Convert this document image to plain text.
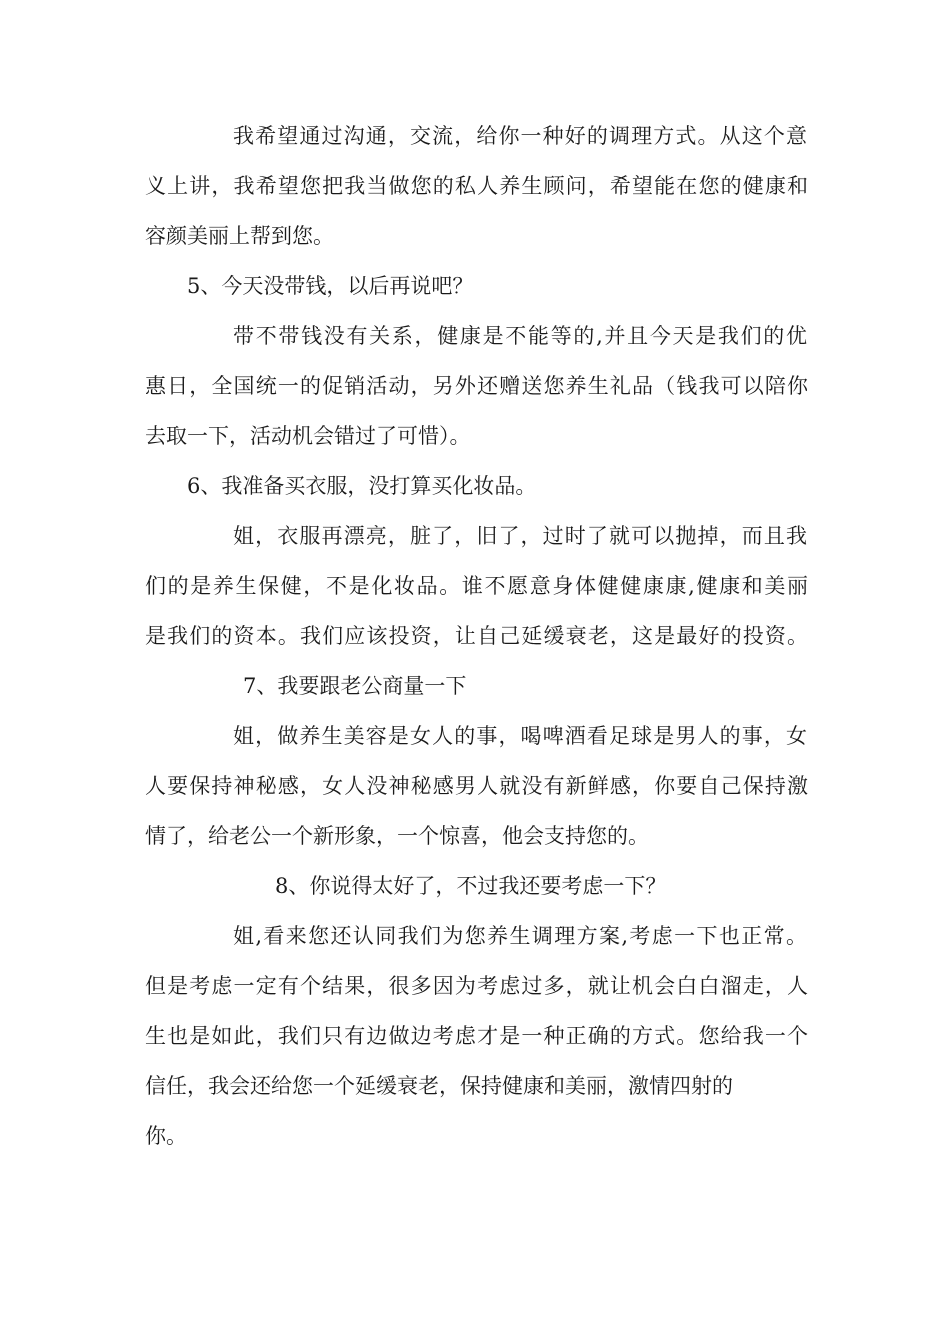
我希望通过沟通，交流，给你一种好的调理方式。从这个意
义上讲，我希望您把我当做您的私人养生顾问，希望能在您的健康和
容颜美丽上帮到您。
5、今天没带钱，以后再说吧？
带不带钱没有关系，健康是不能等的,并且今天是我们的优
惠日，全国统一的促销活动，另外还赠送您养生礼品（钱我可以陪你
去取一下，活动机会错过了可惜）。
6、我准备买衣服，没打算买化妆品。
姐，衣服再漂亮，脏了，旧了，过时了就可以抛掉，而且我
们的是养生保健，不是化妆品。谁不愿意身体健健康康,健康和美丽
是我们的资本。我们应该投资，让自己延缓衰老，这是最好的投资。
7、我要跟老公商量一下
姐，做养生美容是女人的事，喝啤酒看足球是男人的事，女
人要保持神秘感，女人没神秘感男人就没有新鲜感，你要自己保持激
情了，给老公一个新形象，一个惊喜，他会支持您的。
8、你说得太好了，不过我还要考虑一下？
姐,看来您还认同我们为您养生调理方案,考虑一下也正常。
但是考虑一定有个结果，很多因为考虑过多，就让机会白白溜走，人
生也是如此，我们只有边做边考虑才是一种正确的方式。您给我一个
信任，我会还给您一个延缓衰老，保持健康和美丽，激情四射的
你。
